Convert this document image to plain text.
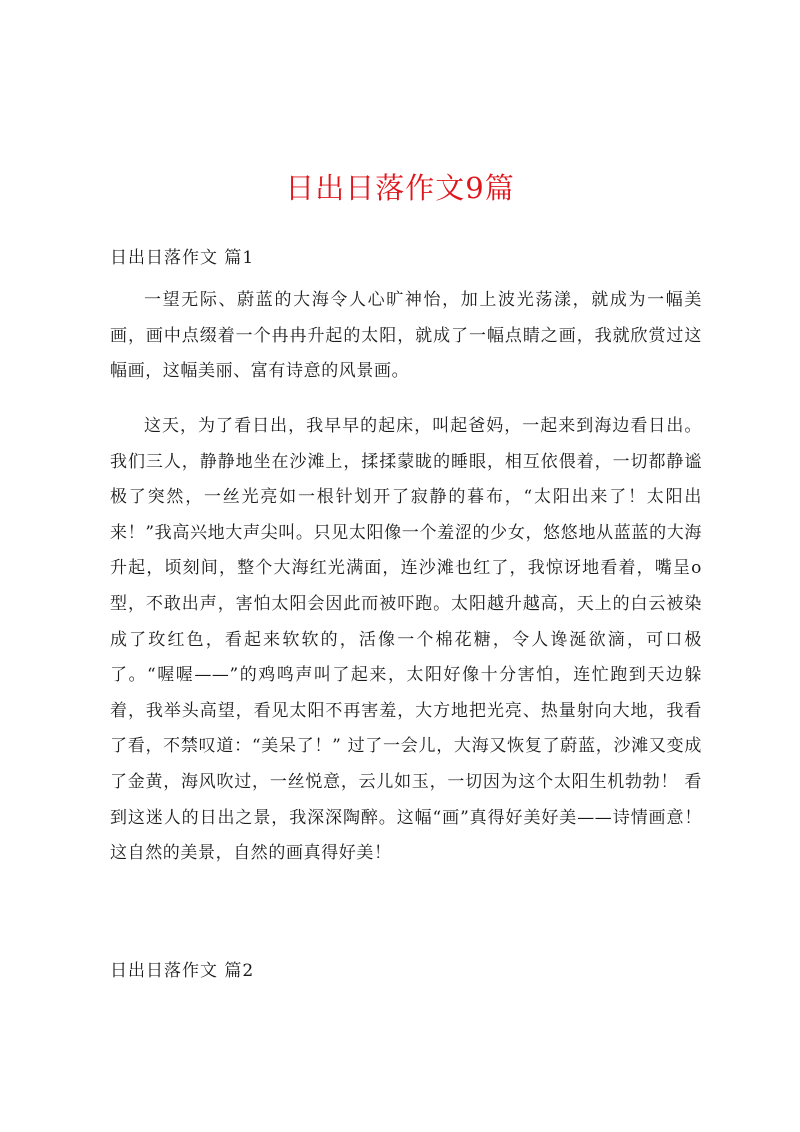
日出日落作文9篇
日出日落作文 篇1

一望无际、蔚蓝的大海令人心旷神怡，加上波光荡漾，就成为一幅美画，画中点缀着一个冉冉升起的太阳，就成了一幅点睛之画，我就欣赏过这幅画，这幅美丽、富有诗意的风景画。

这天，为了看日出，我早早的起床，叫起爸妈，一起来到海边看日出。我们三人，静静地坐在沙滩上，揉揉蒙眬的睡眼，相互依偎着，一切都静谧极了突然，一丝光亮如一根针划开了寂静的暮布，“太阳出来了！太阳出来！”我高兴地大声尖叫。只见太阳像一个羞涩的少女，悠悠地从蓝蓝的大海升起，顷刻间，整个大海红光满面，连沙滩也红了，我惊讶地看着，嘴呈o型，不敢出声，害怕太阳会因此而被吓跑。太阳越升越高，天上的白云被染成了玫红色，看起来软软的，活像一个棉花糖，令人谗涎欲滴，可口极了。“喔喔——”的鸡鸣声叫了起来，太阳好像十分害怕，连忙跑到天边躲着，我举头高望，看见太阳不再害羞，大方地把光亮、热量射向大地，我看了看，不禁叹道：“美呆了！” 过了一会儿，大海又恢复了蔚蓝，沙滩又变成了金黄，海风吹过，一丝悦意，云儿如玉，一切因为这个太阳生机勃勃！ 看到这迷人的日出之景，我深深陶醉。这幅“画”真得好美好美——诗情画意！这自然的美景，自然的画真得好美！

日出日落作文 篇2
